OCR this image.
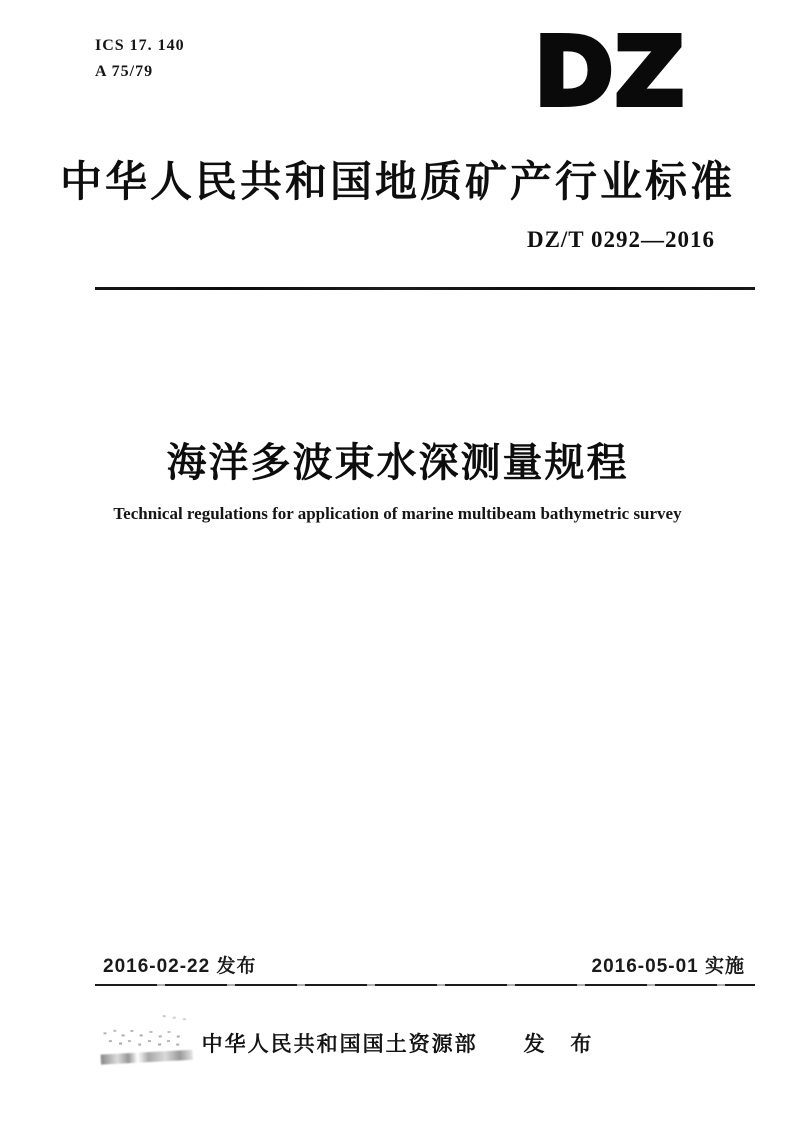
ICS 17. 140
A 75/79	DZ
中华人民共和国地质矿产行业标准
DZ/T 0292—2016
海洋多波束水深测量规程
Technical regulations for application of marine multibeam bathymetric survey
2016-02-22 发布	2016-05-01 实施
中华人民共和国国土资源部 发 布
